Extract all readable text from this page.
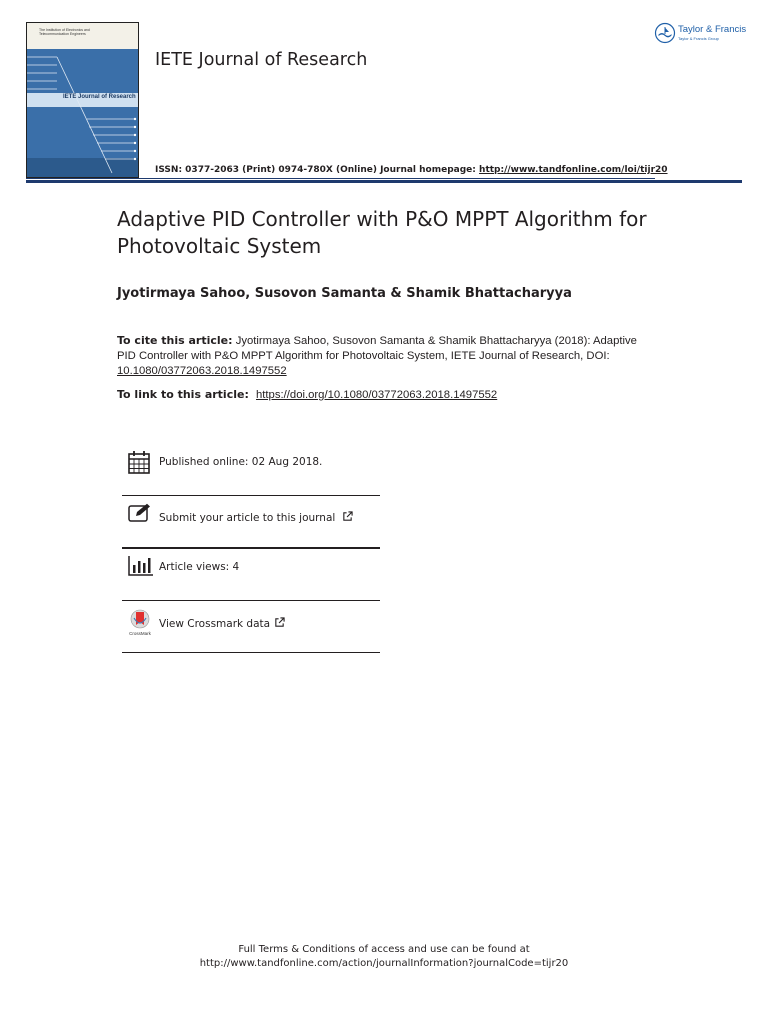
The Institution of Electronics and Telecommunication Engineers
IETE Journal of Research
IETE Journal of Research
ISSN: 0377-2063 (Print) 0974-780X (Online) Journal homepage: http://www.tandfonline.com/loi/tijr20
Taylor & Francis
Taylor & Francis Group
Adaptive PID Controller with P&O MPPT Algorithm for Photovoltaic System
Jyotirmaya Sahoo, Susovon Samanta & Shamik Bhattacharyya
To cite this article: Jyotirmaya Sahoo, Susovon Samanta & Shamik Bhattacharyya (2018): Adaptive PID Controller with P&O MPPT Algorithm for Photovoltaic System, IETE Journal of Research, DOI: 10.1080/03772063.2018.1497552
To link to this article: https://doi.org/10.1080/03772063.2018.1497552
Published online: 02 Aug 2018.
Submit your article to this journal
Article views: 4
CrossMark
View Crossmark data
Full Terms & Conditions of access and use can be found at
http://www.tandfonline.com/action/journalInformation?journalCode=tijr20
